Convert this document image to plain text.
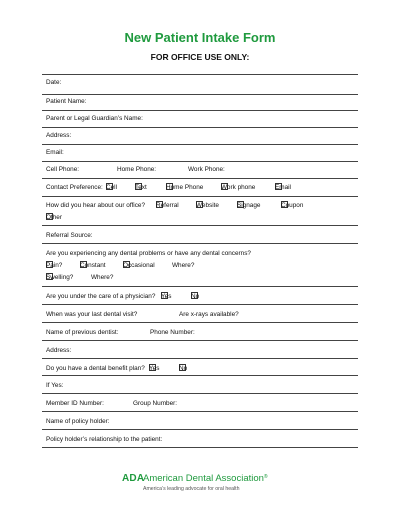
New Patient Intake Form
FOR OFFICE USE ONLY:
Date:
Patient Name:
Parent or Legal Guardian’s Name:
Address:
Email:
Cell Phone:	Home Phone:	Work Phone:
Contact Preference: Cell	Text	Home Phone	Work phone	Email
How did you hear about our office? Referral	Website	Signage	Coupon
Other
Referral Source:
Are you experiencing any dental problems or have any dental concerns?
Pain?	Constant	Occasional	Where?
Swelling?	Where?
Are you under the care of a physician? Yes	No
When was your last dental visit?	Are x-rays available?
Name of previous dentist:	Phone Number:
Address:
Do you have a dental benefit plan? Yes	No
If Yes:
Member ID Number:	Group Number:
Name of policy holder:
Policy holder’s relationship to the patient:
ADA
American Dental Association®
America’s leading advocate for oral health
